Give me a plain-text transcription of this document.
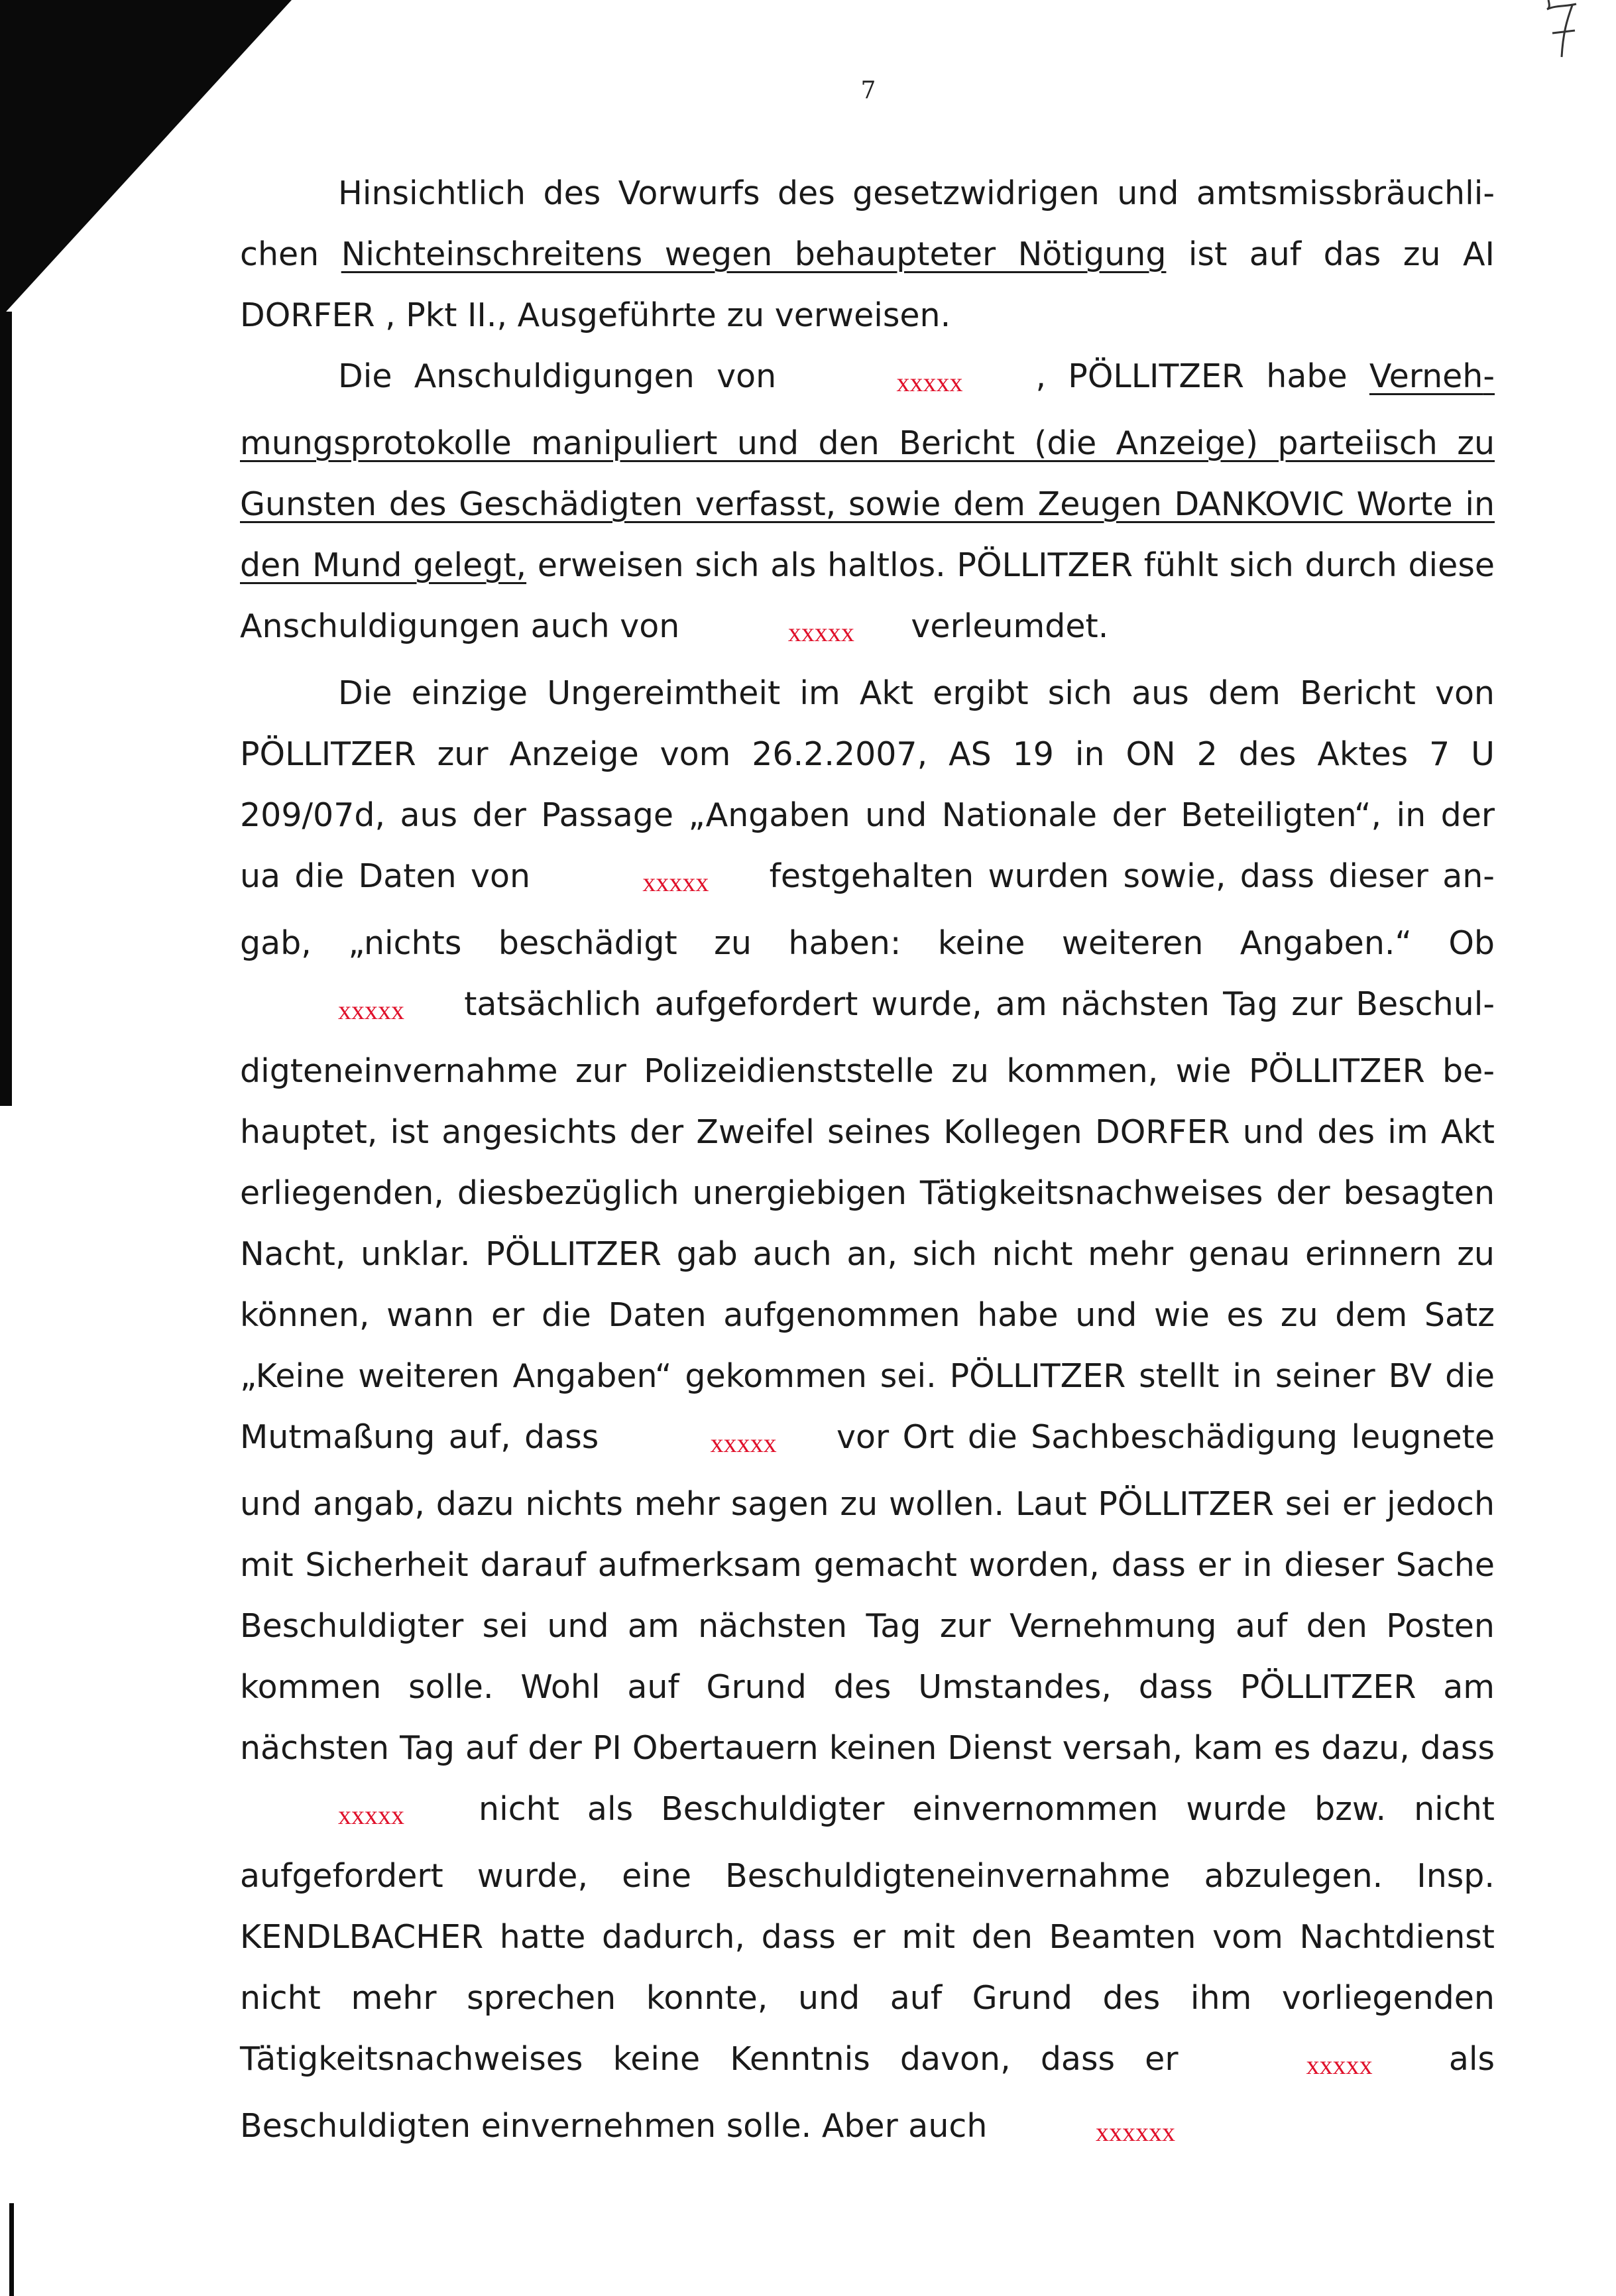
7

Hinsichtlich des Vorwurfs des gesetzwidrigen und amtsmissbräuchlichen Nichteinschreitens wegen behaupteter Nötigung ist auf das zu AI DORFER , Pkt II., Ausgeführte zu verweisen.

Die Anschuldigungen von	xxxxx , PÖLLITZER habe Vernehmungsprotokolle manipuliert und den Bericht (die Anzeige) parteiisch zu Gunsten des Geschädigten verfasst, sowie dem Zeugen DANKOVIC Worte in den Mund gelegt, erweisen sich als haltlos. PÖLLITZER fühlt sich durch diese Anschuldigungen auch von	xxxxx verleumdet.

Die einzige Ungereimtheit im Akt ergibt sich aus dem Bericht von PÖLLITZER zur Anzeige vom 26.2.2007, AS 19 in ON 2 des Aktes 7 U 209/07d, aus der Passage „Angaben und Nationale der Beteiligten“, in der ua die Daten von	xxxxx festgehalten wurden sowie, dass dieser angab, „nichts beschädigt zu haben: keine weiteren Angaben.“ Ob xxxxx tatsächlich aufgefordert wurde, am nächsten Tag zur Beschuldigteneinvernahme zur Polizeidienststelle zu kommen, wie PÖLLITZER behauptet, ist angesichts der Zweifel seines Kollegen DORFER und des im Akt erliegenden, diesbezüglich unergiebigen Tätigkeitsnachweises der besagten Nacht, unklar. PÖLLITZER gab auch an, sich nicht mehr genau erinnern zu können, wann er die Daten aufgenommen habe und wie es zu dem Satz „Keine weiteren Angaben“ gekommen sei. PÖLLITZER stellt in seiner BV die Mutmaßung auf, dass	xxxxx vor Ort die Sachbeschädigung leugnete und angab, dazu nichts mehr sagen zu wollen. Laut PÖLLITZER sei er jedoch mit Sicherheit darauf aufmerksam gemacht worden, dass er in dieser Sache Beschuldigter sei und am nächsten Tag zur Vernehmung auf den Posten kommen solle. Wohl auf Grund des Umstandes, dass PÖLLITZER am nächsten Tag auf der PI Obertauern keinen Dienst versah, kam es dazu, dass xxxxx nicht als Beschuldigter einvernommen wurde bzw. nicht aufgefordert wurde, eine Beschuldigteneinvernahme abzulegen. Insp. KENDLBACHER hatte dadurch, dass er mit den Beamten vom Nachtdienst nicht mehr sprechen konnte, und auf Grund des ihm vorliegenden Tätigkeitsnachweises keine Kenntnis davon, dass er	xxxxx als Beschuldigten einvernehmen solle. Aber auch	xxxxxx
